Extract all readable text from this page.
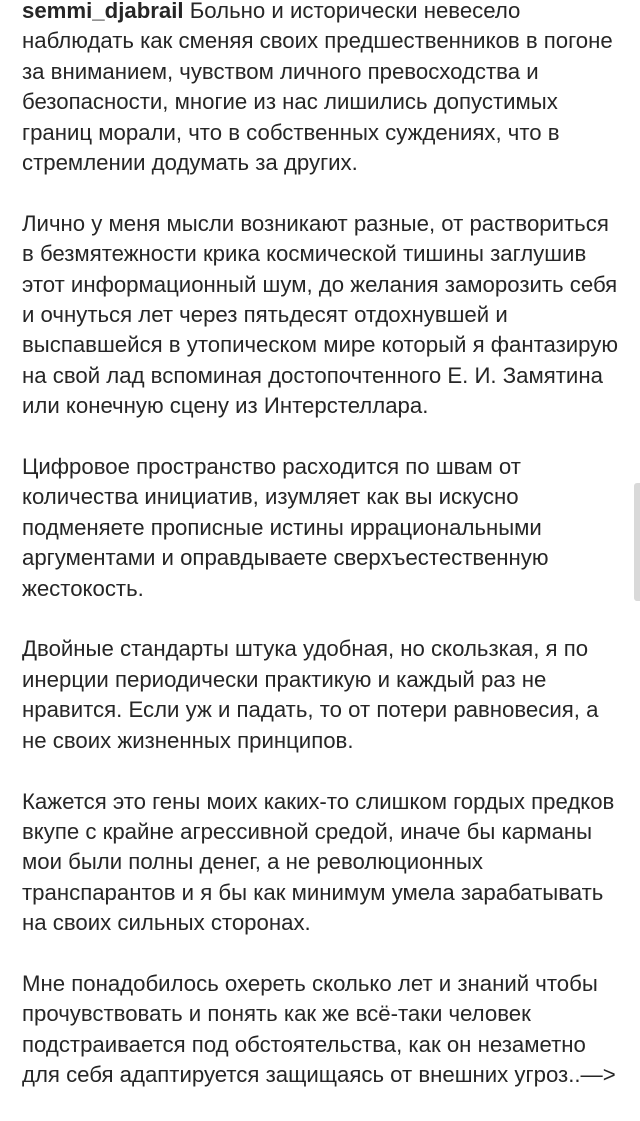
semmi_djabrail Больно и исторически невесело наблюдать как сменяя своих предшественников в погоне за вниманием, чувством личного превосходства и безопасности, многие из нас лишились допустимых границ морали, что в собственных суждениях, что в стремлении додумать за других.

Лично у меня мысли возникают разные, от раствориться в безмятежности крика космической тишины заглушив этот информационный шум, до желания заморозить себя и очнуться лет через пятьдесят отдохнувшей и выспавшейся в утопическом мире который я фантазирую на свой лад вспоминая достопочтенного Е. И. Замятина или конечную сцену из Интерстеллара.

Цифровое пространство расходится по швам от количества инициатив, изумляет как вы искусно подменяете прописные истины иррациональными аргументами и оправдываете сверхъестественную жестокость.

Двойные стандарты штука удобная, но скользкая, я по инерции периодически практикую и каждый раз не нравится. Если уж и падать, то от потери равновесия, а не своих жизненных принципов.

Кажется это гены моих каких-то слишком гордых предков вкупе с крайне агрессивной средой, иначе бы карманы мои были полны денег, а не революционных транспарантов и я бы как минимум умела зарабатывать на своих сильных сторонах.

Мне понадобилось охереть сколько лет и знаний чтобы прочувствовать и понять как же всё-таки человек подстраивается под обстоятельства, как он незаметно для себя адаптируется защищаясь от внешних угроз..—>
